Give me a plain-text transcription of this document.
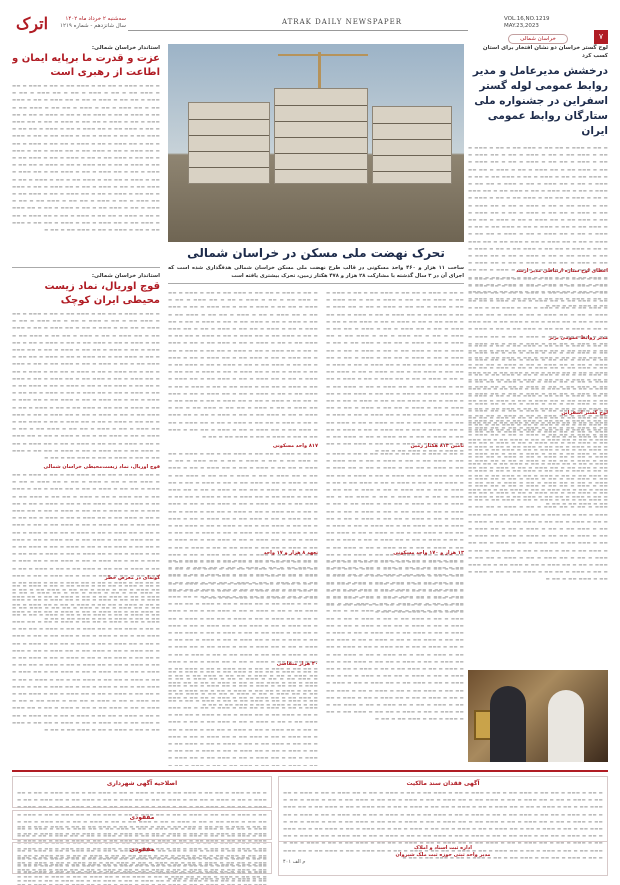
اترک	سه‌شنبه ۲ خرداد ماه ۱۴۰۲
سال شانزدهم - شماره ۱۲۱۹	ATRAK DAILY NEWSPAPER	VOL.16,NO.1219
MAY.23,2023
خراسان شمالی	۷
لوح گستر خراسان دو نشان افتخار برای استان کسب کرد
درخشش مدیرعامل و مدیر روابط عمومی لوله گستر اسفراین در جشنواره ملی ستارگان روابط عمومی ایران
▬ ▬▬ ▬ ▬▬▬ ▬ ▬▬ ▬▬ ▬ ▬▬▬ ▬▬ ▬ ▬▬ ▬ ▬▬▬ ▬ ▬▬ ▬ ▬▬▬ ▬▬ ▬ ▬▬ ▬ ▬▬▬ ▬ ▬▬ ▬ ▬▬ ▬▬▬ ▬ ▬▬ ▬ ▬▬▬ ▬ ▬▬ ▬▬ ▬ ▬▬▬ ▬ ▬▬ ▬ ▬▬ ▬▬▬ ▬ ▬▬ ▬ ▬▬▬ ▬▬ ▬ ▬▬ ▬▬▬ ▬ ▬▬ ▬ ▬▬▬ ▬ ▬▬ ▬▬ ▬ ▬▬▬ ▬▬ ▬ ▬▬ ▬ ▬▬▬ ▬ ▬▬ ▬ ▬▬▬ ▬▬ ▬ ▬▬ ▬ ▬▬▬ ▬ ▬▬ ▬ ▬▬ ▬▬▬ ▬ ▬▬ ▬ ▬▬▬ ▬ ▬▬ ▬▬ ▬ ▬▬▬ ▬ ▬▬ ▬ ▬▬ ▬▬▬ ▬ ▬▬ ▬ ▬▬▬ ▬▬ ▬ ▬▬ ▬▬▬ ▬ ▬▬ ▬ ▬▬▬ ▬ ▬▬ ▬▬ ▬ ▬▬▬ ▬▬ ▬ ▬▬ ▬ ▬▬▬ ▬ ▬▬ ▬ ▬▬▬ ▬▬ ▬ ▬▬ ▬ ▬▬▬ ▬ ▬▬ ▬ ▬▬ ▬▬▬ ▬ ▬▬ ▬ ▬▬▬ ▬ ▬▬ ▬▬ ▬ ▬▬▬ ▬ ▬▬ ▬ ▬▬ ▬▬▬ ▬ ▬▬ ▬ ▬▬▬ ▬▬ ▬ ▬▬ ▬▬▬ ▬ ▬▬ ▬ ▬▬▬ ▬ ▬▬ ▬▬ ▬ ▬▬▬ ▬▬ ▬ ▬▬ ▬ ▬▬▬ ▬ ▬▬ ▬ ▬▬▬ ▬▬ ▬ ▬▬ ▬ ▬▬▬ ▬ ▬▬ ▬ ▬▬ ▬▬▬ ▬ ▬▬ ▬ ▬▬▬ ▬ ▬▬ ▬▬ ▬ ▬▬▬ ▬ ▬▬ ▬ ▬▬ ▬▬▬ ▬ ▬▬ ▬ ▬▬▬ ▬▬ ▬ ▬▬ ▬▬▬ ▬ ▬▬ ▬ ▬▬▬ ▬ ▬▬ ▬▬ ▬ ▬▬▬ ▬▬ ▬ ▬▬ ▬ ▬▬▬ ▬ ▬▬ ▬ ▬▬▬ ▬▬ ▬ ▬▬ ▬ ▬▬▬ ▬ ▬▬ ▬ ▬▬ ▬▬▬ ▬ ▬▬ ▬ ▬▬▬ ▬ ▬▬ ▬▬ ▬ ▬▬▬ ▬ ▬▬ ▬ ▬▬ ▬▬▬ ▬ ▬▬ ▬ ▬▬▬ ▬▬ ▬ ▬▬ ▬▬▬ ▬ ▬▬ ▬ ▬▬▬ ▬ ▬▬ ▬▬ ▬ ▬▬▬ ▬▬ ▬ ▬▬ ▬ ▬▬▬ ▬ ▬▬ ▬ ▬▬▬ ▬▬ ▬ ▬▬ ▬ ▬▬▬ ▬ ▬▬ ▬ ▬▬ ▬▬▬ ▬ ▬▬ ▬ ▬▬▬ ▬ ▬▬ ▬▬ ▬ ▬▬▬ ▬ ▬▬ ▬ ▬▬ ▬▬▬ ▬ ▬▬ ▬ ▬▬▬ ▬▬ ▬ ▬▬ ▬▬▬ ▬ ▬▬ ▬ ▬▬▬ ▬ ▬▬ ▬▬ ▬ ▬▬▬ ▬▬ ▬ ▬▬ ▬ ▬▬▬ ▬ ▬▬ ▬ ▬▬▬ ▬▬ ▬ ▬▬ ▬
اعطای لوح ستاره ارتباطی مدیر ارشد
▬ ▬▬ ▬ ▬▬▬ ▬ ▬▬ ▬▬ ▬ ▬▬▬ ▬▬ ▬ ▬▬ ▬ ▬▬▬ ▬ ▬▬ ▬ ▬▬▬ ▬▬ ▬ ▬▬ ▬ ▬▬▬ ▬ ▬▬ ▬ ▬▬ ▬▬▬ ▬ ▬▬ ▬ ▬▬▬ ▬ ▬▬ ▬▬ ▬ ▬▬▬ ▬ ▬▬ ▬ ▬▬ ▬▬▬ ▬ ▬▬ ▬ ▬▬▬ ▬▬ ▬ ▬▬ ▬▬▬ ▬ ▬▬ ▬ ▬▬▬ ▬ ▬▬ ▬▬ ▬ ▬▬▬ ▬▬ ▬ ▬▬ ▬ ▬▬▬ ▬ ▬▬ ▬ ▬▬▬ ▬▬ ▬ ▬▬ ▬ ▬▬▬ ▬ ▬▬ ▬ ▬▬ ▬▬▬ ▬ ▬▬ ▬ ▬▬▬ ▬ ▬▬ ▬▬ ▬ ▬▬▬ ▬ ▬▬ ▬ ▬▬ ▬▬▬ ▬ ▬▬ ▬ ▬▬▬ ▬▬ ▬ ▬▬ ▬▬▬ ▬ ▬▬ ▬ ▬▬▬ ▬ ▬▬ ▬▬ ▬ ▬▬▬ ▬▬ ▬ ▬▬ ▬ ▬▬▬ ▬ ▬▬ ▬ ▬▬▬ ▬▬ ▬ ▬▬ ▬ ▬▬▬ ▬ ▬▬ ▬ ▬▬ ▬▬▬ ▬ ▬▬ ▬ ▬▬▬ ▬ ▬▬ ▬▬ ▬ ▬▬▬ ▬ ▬▬ ▬ ▬▬ ▬▬▬ ▬ ▬▬ ▬ ▬▬▬ ▬▬ ▬ ▬▬ ▬▬▬ ▬ ▬▬ ▬ ▬▬▬ ▬ ▬▬ ▬▬ ▬ ▬▬▬ ▬▬ ▬ ▬▬ ▬ ▬▬▬ ▬ ▬▬ ▬ ▬▬▬ ▬▬ ▬ ▬▬ ▬ ▬▬▬ ▬ ▬▬ ▬ ▬▬ ▬▬▬ ▬ ▬▬ ▬ ▬▬▬ ▬ ▬▬ ▬▬ ▬ ▬▬▬ ▬ ▬▬ ▬ ▬▬ ▬▬▬ ▬ ▬▬ ▬ ▬▬▬ ▬▬ ▬ ▬▬ ▬▬▬ ▬ ▬▬ ▬ ▬▬▬ ▬ ▬▬ ▬▬ ▬ ▬▬▬ ▬▬ ▬ ▬▬ ▬ ▬▬▬ ▬ ▬▬ ▬ ▬▬▬ ▬▬ ▬ ▬▬ ▬ ▬▬▬ ▬ ▬▬ ▬ ▬▬ ▬▬▬ ▬ ▬▬ ▬ ▬▬▬ ▬ ▬▬ ▬▬ ▬ ▬▬▬ ▬ ▬▬ ▬ ▬▬ ▬▬▬ ▬ ▬▬ ▬ ▬▬▬ ▬▬ ▬ ▬▬ ▬▬▬ ▬ ▬▬ ▬ ▬▬▬ ▬ ▬▬ ▬▬ ▬ ▬▬▬ ▬▬ ▬ ▬▬ ▬ ▬▬▬ ▬ ▬▬ ▬ ▬▬▬ ▬▬ ▬ ▬▬ ▬ ▬▬▬ ▬ ▬▬ ▬ ▬▬ ▬▬▬ ▬ ▬▬ ▬ ▬▬▬ ▬ ▬▬ ▬▬ ▬ ▬▬▬ ▬ ▬▬ ▬ ▬▬ ▬▬▬ ▬ ▬▬ ▬ ▬▬▬ ▬▬ ▬ ▬▬ ▬▬▬ ▬ ▬▬ ▬ ▬▬▬ ▬ ▬▬ ▬▬ ▬ ▬▬▬ ▬▬ ▬ ▬▬ ▬ ▬▬▬ ▬ ▬▬ ▬ ▬▬▬ ▬▬ ▬ ▬▬ ▬
مدیر روابط عمومی برتر
▬ ▬▬ ▬ ▬▬▬ ▬ ▬▬ ▬▬ ▬ ▬▬▬ ▬▬ ▬ ▬▬ ▬ ▬▬▬ ▬ ▬▬ ▬ ▬▬▬ ▬▬ ▬ ▬▬ ▬ ▬▬▬ ▬ ▬▬ ▬ ▬▬ ▬▬▬ ▬ ▬▬ ▬ ▬▬▬ ▬ ▬▬ ▬▬ ▬ ▬▬▬ ▬ ▬▬ ▬ ▬▬ ▬▬▬ ▬ ▬▬ ▬ ▬▬▬ ▬▬ ▬ ▬▬ ▬▬▬ ▬ ▬▬ ▬ ▬▬▬ ▬ ▬▬ ▬▬ ▬ ▬▬▬ ▬▬ ▬ ▬▬ ▬ ▬▬▬ ▬ ▬▬ ▬ ▬▬▬ ▬▬ ▬ ▬▬ ▬ ▬▬▬ ▬ ▬▬ ▬ ▬▬ ▬▬▬ ▬ ▬▬ ▬ ▬▬▬ ▬ ▬▬ ▬▬ ▬ ▬▬▬ ▬ ▬▬ ▬ ▬▬ ▬▬▬ ▬ ▬▬ ▬ ▬▬▬ ▬▬ ▬ ▬▬ ▬▬▬ ▬ ▬▬ ▬ ▬▬▬ ▬ ▬▬ ▬▬ ▬ ▬▬▬ ▬▬ ▬ ▬▬ ▬ ▬▬▬ ▬ ▬▬ ▬ ▬▬▬ ▬▬ ▬ ▬▬ ▬ ▬▬▬ ▬ ▬▬ ▬ ▬▬ ▬▬▬ ▬ ▬▬ ▬ ▬▬▬ ▬ ▬▬ ▬▬ ▬ ▬▬▬ ▬ ▬▬ ▬ ▬▬ ▬▬▬ ▬ ▬▬ ▬ ▬▬▬ ▬▬ ▬ ▬▬ ▬▬▬ ▬ ▬▬ ▬ ▬▬▬ ▬ ▬▬ ▬▬ ▬ ▬▬▬ ▬▬ ▬ ▬▬ ▬ ▬▬▬ ▬ ▬▬ ▬ ▬▬▬ ▬▬ ▬ ▬▬ ▬ ▬▬▬ ▬ ▬▬ ▬ ▬▬ ▬▬▬ ▬ ▬▬ ▬ ▬▬▬ ▬ ▬▬ ▬▬ ▬ ▬▬▬ ▬ ▬▬ ▬ ▬▬ ▬▬▬ ▬ ▬▬ ▬ ▬▬▬ ▬▬ ▬ ▬▬ ▬▬▬ ▬ ▬▬ ▬ ▬▬▬ ▬ ▬▬ ▬▬ ▬ ▬▬▬ ▬▬ ▬ ▬▬ ▬ ▬▬▬ ▬ ▬▬ ▬ ▬▬▬ ▬▬ ▬ ▬▬ ▬ ▬▬▬ ▬ ▬▬ ▬ ▬▬ ▬▬▬ ▬ ▬▬ ▬ ▬▬▬ ▬ ▬▬ ▬▬ ▬ ▬▬▬ ▬ ▬▬ ▬ ▬▬ ▬▬▬ ▬ ▬▬ ▬ ▬▬▬ ▬▬ ▬ ▬▬ ▬▬▬ ▬ ▬▬ ▬ ▬▬▬ ▬ ▬▬ ▬▬ ▬ ▬▬▬ ▬▬ ▬ ▬▬ ▬ ▬▬▬ ▬ ▬▬ ▬ ▬▬▬ ▬▬ ▬ ▬▬ ▬ ▬▬▬ ▬ ▬▬ ▬ ▬▬ ▬▬▬ ▬ ▬▬ ▬ ▬▬▬ ▬ ▬▬ ▬▬ ▬ ▬▬▬ ▬ ▬▬ ▬ ▬▬ ▬▬▬ ▬ ▬▬ ▬ ▬▬▬ ▬▬ ▬ ▬▬ ▬▬▬ ▬ ▬▬ ▬ ▬▬▬ ▬ ▬▬ ▬▬ ▬ ▬▬▬ ▬▬ ▬ ▬▬ ▬ ▬▬▬ ▬ ▬▬ ▬ ▬▬▬ ▬▬ ▬ ▬▬ ▬
لوح گستر اسفراین
▬ ▬▬ ▬ ▬▬▬ ▬ ▬▬ ▬▬ ▬ ▬▬▬ ▬▬ ▬ ▬▬ ▬ ▬▬▬ ▬ ▬▬ ▬ ▬▬▬ ▬▬ ▬ ▬▬ ▬ ▬▬▬ ▬ ▬▬ ▬ ▬▬ ▬▬▬ ▬ ▬▬ ▬ ▬▬▬ ▬ ▬▬ ▬▬ ▬ ▬▬▬ ▬ ▬▬ ▬ ▬▬ ▬▬▬ ▬ ▬▬ ▬ ▬▬▬ ▬▬ ▬ ▬▬ ▬▬▬ ▬ ▬▬ ▬ ▬▬▬ ▬ ▬▬ ▬▬ ▬ ▬▬▬ ▬▬ ▬ ▬▬ ▬ ▬▬▬ ▬ ▬▬ ▬ ▬▬▬ ▬▬ ▬ ▬▬ ▬ ▬▬▬ ▬ ▬▬ ▬ ▬▬ ▬▬▬ ▬ ▬▬ ▬ ▬▬▬ ▬ ▬▬ ▬▬ ▬ ▬▬▬ ▬ ▬▬ ▬ ▬▬ ▬▬▬ ▬ ▬▬ ▬ ▬▬▬ ▬▬ ▬ ▬▬ ▬▬▬ ▬ ▬▬ ▬ ▬▬▬ ▬ ▬▬ ▬▬ ▬ ▬▬▬ ▬▬ ▬ ▬▬ ▬ ▬▬▬ ▬ ▬▬ ▬ ▬▬▬ ▬▬ ▬ ▬▬ ▬ ▬▬▬ ▬ ▬▬ ▬ ▬▬ ▬▬▬ ▬ ▬▬ ▬ ▬▬▬ ▬ ▬▬ ▬▬ ▬ ▬▬▬ ▬ ▬▬ ▬ ▬▬ ▬▬▬ ▬ ▬▬ ▬ ▬▬▬ ▬▬ ▬ ▬▬ ▬▬▬ ▬ ▬▬ ▬ ▬▬▬ ▬ ▬▬ ▬▬ ▬ ▬▬▬ ▬▬ ▬ ▬▬ ▬ ▬▬▬ ▬ ▬▬ ▬ ▬▬▬ ▬▬ ▬ ▬▬ ▬ ▬▬▬ ▬ ▬▬ ▬ ▬▬ ▬▬▬ ▬ ▬▬ ▬ ▬▬▬ ▬ ▬▬ ▬▬ ▬ ▬▬▬ ▬ ▬▬ ▬ ▬▬ ▬▬▬ ▬ ▬▬ ▬ ▬▬▬ ▬▬ ▬ ▬▬ ▬▬▬ ▬ ▬▬ ▬ ▬▬▬ ▬ ▬▬ ▬▬ ▬ ▬▬▬ ▬▬ ▬ ▬▬ ▬ ▬▬▬ ▬ ▬▬ ▬ ▬▬▬ ▬▬ ▬ ▬▬ ▬ ▬▬▬ ▬ ▬▬ ▬ ▬▬ ▬▬▬ ▬ ▬▬ ▬ ▬▬▬ ▬ ▬▬ ▬▬ ▬ ▬▬▬ ▬ ▬▬ ▬ ▬▬ ▬▬▬ ▬ ▬▬ ▬ ▬▬▬ ▬▬ ▬ ▬▬ ▬▬▬ ▬ ▬▬ ▬ ▬▬▬ ▬ ▬▬ ▬▬ ▬ ▬▬▬ ▬▬ ▬ ▬▬ ▬ ▬▬▬ ▬ ▬▬ ▬ ▬▬▬ ▬▬ ▬ ▬▬ ▬ ▬▬▬ ▬ ▬▬ ▬ ▬▬ ▬▬▬ ▬ ▬▬ ▬ ▬▬▬ ▬ ▬▬ ▬▬ ▬ ▬▬▬ ▬ ▬▬ ▬ ▬▬ ▬▬▬ ▬ ▬▬ ▬ ▬▬▬ ▬▬ ▬ ▬▬ ▬▬▬ ▬ ▬▬ ▬ ▬▬▬ ▬ ▬▬ ▬▬ ▬ ▬▬▬ ▬▬ ▬ ▬▬ ▬ ▬▬▬ ▬ ▬▬ ▬ ▬▬▬ ▬▬ ▬ ▬▬ ▬
تحرک نهضت ملی مسکن در خراسان شمالی
ساخت ۱۱ هزار و ۴۶۰ واحد مسکونی در قالب طرح نهضت ملی مسکن خراسان شمالی هدفگذاری شده است که اجرای آن در ۳ سال گذشته با مشارکت ۲۸ هزار و ۴۷۸ هکتار زمین، تحرک بیشتری یافته است
▬ ▬▬ ▬ ▬▬▬ ▬ ▬▬ ▬▬ ▬ ▬▬▬ ▬▬ ▬ ▬▬ ▬ ▬▬▬ ▬ ▬▬ ▬ ▬▬▬ ▬▬ ▬ ▬▬ ▬ ▬▬▬ ▬ ▬▬ ▬ ▬▬ ▬▬▬ ▬ ▬▬ ▬ ▬▬▬ ▬ ▬▬ ▬▬ ▬ ▬▬▬ ▬ ▬▬ ▬ ▬▬ ▬▬▬ ▬ ▬▬ ▬ ▬▬▬ ▬▬ ▬ ▬▬ ▬▬▬ ▬ ▬▬ ▬ ▬▬▬ ▬ ▬▬ ▬▬ ▬ ▬▬▬ ▬▬ ▬ ▬▬ ▬ ▬▬▬ ▬ ▬▬ ▬ ▬▬▬ ▬▬ ▬ ▬▬ ▬ ▬▬▬ ▬ ▬▬ ▬ ▬▬ ▬▬▬ ▬ ▬▬ ▬ ▬▬▬ ▬ ▬▬ ▬▬ ▬ ▬▬▬ ▬ ▬▬ ▬ ▬▬ ▬▬▬ ▬ ▬▬ ▬ ▬▬▬ ▬▬ ▬ ▬▬ ▬▬▬ ▬ ▬▬ ▬ ▬▬▬ ▬ ▬▬ ▬▬ ▬ ▬▬▬ ▬▬ ▬ ▬▬ ▬ ▬▬▬ ▬ ▬▬ ▬ ▬▬▬ ▬▬ ▬ ▬▬ ▬ ▬▬▬ ▬ ▬▬ ▬ ▬▬ ▬▬▬ ▬ ▬▬ ▬ ▬▬▬ ▬ ▬▬ ▬▬ ▬ ▬▬▬ ▬ ▬▬ ▬ ▬▬ ▬▬▬ ▬ ▬▬ ▬ ▬▬▬ ▬▬ ▬ ▬▬ ▬▬▬ ▬ ▬▬ ▬ ▬▬▬ ▬ ▬▬ ▬▬ ▬ ▬▬▬ ▬▬ ▬ ▬▬ ▬ ▬▬▬ ▬ ▬▬ ▬ ▬▬▬ ▬▬ ▬ ▬▬ ▬ ▬▬▬ ▬ ▬▬ ▬ ▬▬ ▬▬▬ ▬ ▬▬ ▬ ▬▬▬ ▬ ▬▬ ▬▬ ▬ ▬▬▬ ▬ ▬▬ ▬ ▬▬ ▬▬▬ ▬ ▬▬ ▬ ▬▬▬ ▬▬ ▬ ▬▬ ▬▬▬ ▬ ▬▬ ▬ ▬▬▬ ▬ ▬▬ ▬▬ ▬ ▬▬▬ ▬▬ ▬ ▬▬ ▬ ▬▬▬ ▬ ▬▬ ▬ ▬▬▬ ▬▬ ▬ ▬▬ ▬ ▬▬▬ ▬ ▬▬ ▬ ▬▬ ▬▬▬ ▬ ▬▬ ▬ ▬▬▬ ▬ ▬▬ ▬▬ ▬ ▬▬▬ ▬ ▬▬ ▬ ▬▬ ▬▬▬ ▬ ▬▬ ▬ ▬▬▬ ▬▬ ▬ ▬▬ ▬▬▬ ▬ ▬▬ ▬ ▬▬▬ ▬ ▬▬ ▬▬ ▬ ▬▬▬ ▬▬ ▬ ▬▬ ▬ ▬▬▬ ▬ ▬▬ ▬ ▬▬▬ ▬▬ ▬ ▬▬ ▬ ▬▬▬ ▬ ▬▬ ▬ ▬▬ ▬▬▬ ▬ ▬▬ ▬ ▬▬▬ ▬ ▬▬ ▬▬ ▬ ▬▬▬ ▬ ▬▬ ▬ ▬▬ ▬▬▬ ▬ ▬▬ ▬ ▬▬▬ ▬▬ ▬ ▬▬ ▬▬▬ ▬ ▬▬ ▬ ▬▬▬ ▬ ▬▬ ▬▬ ▬ ▬▬▬ ▬▬ ▬ ▬▬ ▬ ▬▬▬ ▬ ▬▬ ▬ ▬▬▬ ▬▬ ▬ ▬▬ ▬
تامین ۸۱۳ هکتار زمین
▬ ▬▬ ▬ ▬▬▬ ▬ ▬▬ ▬▬ ▬ ▬▬▬ ▬▬ ▬ ▬▬ ▬ ▬▬▬ ▬ ▬▬ ▬ ▬▬▬ ▬▬ ▬ ▬▬ ▬ ▬▬▬ ▬ ▬▬ ▬ ▬▬ ▬▬▬ ▬ ▬▬ ▬ ▬▬▬ ▬ ▬▬ ▬▬ ▬ ▬▬▬ ▬ ▬▬ ▬ ▬▬ ▬▬▬ ▬ ▬▬ ▬ ▬▬▬ ▬▬ ▬ ▬▬ ▬▬▬ ▬ ▬▬ ▬ ▬▬▬ ▬ ▬▬ ▬▬ ▬ ▬▬▬ ▬▬ ▬ ▬▬ ▬ ▬▬▬ ▬ ▬▬ ▬ ▬▬▬ ▬▬ ▬ ▬▬ ▬ ▬▬▬ ▬ ▬▬ ▬ ▬▬ ▬▬▬ ▬ ▬▬ ▬ ▬▬▬ ▬ ▬▬ ▬▬ ▬ ▬▬▬ ▬ ▬▬ ▬ ▬▬ ▬▬▬ ▬ ▬▬ ▬ ▬▬▬ ▬▬ ▬ ▬▬ ▬▬▬ ▬ ▬▬ ▬ ▬▬▬ ▬ ▬▬ ▬▬ ▬ ▬▬▬ ▬▬ ▬ ▬▬ ▬ ▬▬▬ ▬ ▬▬ ▬ ▬▬▬ ▬▬ ▬ ▬▬ ▬ ▬▬▬ ▬ ▬▬ ▬ ▬▬ ▬▬▬ ▬ ▬▬ ▬ ▬▬▬ ▬ ▬▬ ▬▬ ▬ ▬▬▬ ▬ ▬▬ ▬ ▬▬ ▬▬▬ ▬ ▬▬ ▬ ▬▬▬ ▬▬ ▬ ▬▬ ▬▬▬ ▬ ▬▬ ▬ ▬▬▬ ▬ ▬▬ ▬▬ ▬ ▬▬▬ ▬▬ ▬ ▬▬ ▬ ▬▬▬ ▬ ▬▬ ▬ ▬▬▬ ▬▬ ▬ ▬▬ ▬ ▬▬▬ ▬ ▬▬ ▬ ▬▬ ▬▬▬ ▬ ▬▬ ▬ ▬▬▬ ▬ ▬▬ ▬▬ ▬ ▬▬▬ ▬ ▬▬ ▬ ▬▬ ▬▬▬ ▬ ▬▬ ▬ ▬▬▬ ▬▬ ▬ ▬▬ ▬▬▬ ▬ ▬▬ ▬ ▬▬▬ ▬ ▬▬ ▬▬ ▬ ▬▬▬ ▬▬ ▬ ▬▬ ▬ ▬▬▬ ▬ ▬▬ ▬ ▬▬▬ ▬▬ ▬ ▬▬ ▬ ▬▬▬ ▬ ▬▬ ▬ ▬▬ ▬▬▬ ▬ ▬▬ ▬ ▬▬▬ ▬ ▬▬ ▬▬ ▬ ▬▬▬ ▬ ▬▬ ▬ ▬▬ ▬▬▬ ▬ ▬▬ ▬ ▬▬▬ ▬▬ ▬ ▬▬ ▬▬▬ ▬ ▬▬ ▬ ▬▬▬ ▬ ▬▬ ▬▬ ▬ ▬▬▬ ▬▬ ▬ ▬▬ ▬ ▬▬▬ ▬ ▬▬ ▬ ▬▬▬ ▬▬ ▬ ▬▬ ▬ ▬▬▬ ▬ ▬▬ ▬ ▬▬ ▬▬▬ ▬ ▬▬ ▬ ▬▬▬ ▬ ▬▬ ▬▬ ▬ ▬▬▬ ▬ ▬▬ ▬ ▬▬ ▬▬▬ ▬ ▬▬ ▬ ▬▬▬ ▬▬ ▬ ▬▬ ▬▬▬ ▬ ▬▬ ▬ ▬▬▬ ▬ ▬▬ ▬▬ ▬ ▬▬▬ ▬▬ ▬ ▬▬ ▬ ▬▬▬ ▬ ▬▬ ▬ ▬▬▬ ▬▬ ▬ ▬▬ ▬
۱۳ هزار و ۱۷۰ واحد مسکونی
▬ ▬▬ ▬ ▬▬▬ ▬ ▬▬ ▬▬ ▬ ▬▬▬ ▬▬ ▬ ▬▬ ▬ ▬▬▬ ▬ ▬▬ ▬ ▬▬▬ ▬▬ ▬ ▬▬ ▬ ▬▬▬ ▬ ▬▬ ▬ ▬▬ ▬▬▬ ▬ ▬▬ ▬ ▬▬▬ ▬ ▬▬ ▬▬ ▬ ▬▬▬ ▬ ▬▬ ▬ ▬▬ ▬▬▬ ▬ ▬▬ ▬ ▬▬▬ ▬▬ ▬ ▬▬ ▬▬▬ ▬ ▬▬ ▬ ▬▬▬ ▬ ▬▬ ▬▬ ▬ ▬▬▬ ▬▬ ▬ ▬▬ ▬ ▬▬▬ ▬ ▬▬ ▬ ▬▬▬ ▬▬ ▬ ▬▬ ▬ ▬▬▬ ▬ ▬▬ ▬ ▬▬ ▬▬▬ ▬ ▬▬ ▬ ▬▬▬ ▬ ▬▬ ▬▬ ▬ ▬▬▬ ▬ ▬▬ ▬ ▬▬ ▬▬▬ ▬ ▬▬ ▬ ▬▬▬ ▬▬ ▬ ▬▬ ▬▬▬ ▬ ▬▬ ▬ ▬▬▬ ▬ ▬▬ ▬▬ ▬ ▬▬▬ ▬▬ ▬ ▬▬ ▬ ▬▬▬ ▬ ▬▬ ▬ ▬▬▬ ▬▬ ▬ ▬▬ ▬ ▬▬▬ ▬ ▬▬ ▬ ▬▬ ▬▬▬ ▬ ▬▬ ▬ ▬▬▬ ▬ ▬▬ ▬▬ ▬ ▬▬▬ ▬ ▬▬ ▬ ▬▬ ▬▬▬ ▬ ▬▬ ▬ ▬▬▬ ▬▬ ▬ ▬▬ ▬▬▬ ▬ ▬▬ ▬ ▬▬▬ ▬ ▬▬ ▬▬ ▬ ▬▬▬ ▬▬ ▬ ▬▬ ▬ ▬▬▬ ▬ ▬▬ ▬ ▬▬▬ ▬▬ ▬ ▬▬ ▬ ▬▬▬ ▬ ▬▬ ▬ ▬▬ ▬▬▬ ▬ ▬▬ ▬ ▬▬▬ ▬ ▬▬ ▬▬ ▬ ▬▬▬ ▬ ▬▬ ▬ ▬▬ ▬▬▬ ▬ ▬▬ ▬ ▬▬▬ ▬▬ ▬ ▬▬ ▬▬▬ ▬ ▬▬ ▬ ▬▬▬ ▬ ▬▬ ▬▬ ▬ ▬▬▬ ▬▬ ▬ ▬▬ ▬ ▬▬▬ ▬ ▬▬ ▬ ▬▬▬ ▬▬ ▬ ▬▬ ▬ ▬▬▬ ▬ ▬▬ ▬ ▬▬ ▬▬▬ ▬ ▬▬ ▬ ▬▬▬ ▬ ▬▬ ▬▬ ▬ ▬▬▬ ▬ ▬▬ ▬ ▬▬ ▬▬▬ ▬ ▬▬ ▬ ▬▬▬ ▬▬ ▬ ▬▬ ▬▬▬ ▬ ▬▬ ▬ ▬▬▬ ▬ ▬▬ ▬▬ ▬ ▬▬▬ ▬▬ ▬ ▬▬ ▬ ▬▬▬ ▬ ▬▬ ▬ ▬▬▬ ▬▬ ▬ ▬▬ ▬ ▬▬▬ ▬ ▬▬ ▬ ▬▬ ▬▬▬ ▬ ▬▬ ▬ ▬▬▬ ▬ ▬▬ ▬▬ ▬ ▬▬▬ ▬ ▬▬ ▬ ▬▬ ▬▬▬ ▬ ▬▬ ▬ ▬▬▬ ▬▬ ▬ ▬▬ ▬▬▬ ▬ ▬▬ ▬ ▬▬▬ ▬ ▬▬ ▬▬ ▬ ▬▬▬ ▬▬ ▬ ▬▬ ▬ ▬▬▬ ▬ ▬▬ ▬ ▬▬▬ ▬▬ ▬ ▬▬ ▬
▬ ▬▬ ▬ ▬▬▬ ▬ ▬▬ ▬▬ ▬ ▬▬▬ ▬▬ ▬ ▬▬ ▬ ▬▬▬ ▬ ▬▬ ▬ ▬▬▬ ▬▬ ▬ ▬▬ ▬ ▬▬▬ ▬ ▬▬ ▬ ▬▬ ▬▬▬ ▬ ▬▬ ▬ ▬▬▬ ▬ ▬▬ ▬▬ ▬ ▬▬▬ ▬ ▬▬ ▬ ▬▬ ▬▬▬ ▬ ▬▬ ▬ ▬▬▬ ▬▬ ▬ ▬▬ ▬▬▬ ▬ ▬▬ ▬ ▬▬▬ ▬ ▬▬ ▬▬ ▬ ▬▬▬ ▬▬ ▬ ▬▬ ▬ ▬▬▬ ▬ ▬▬ ▬ ▬▬▬ ▬▬ ▬ ▬▬ ▬ ▬▬▬ ▬ ▬▬ ▬ ▬▬ ▬▬▬ ▬ ▬▬ ▬ ▬▬▬ ▬ ▬▬ ▬▬ ▬ ▬▬▬ ▬ ▬▬ ▬ ▬▬ ▬▬▬ ▬ ▬▬ ▬ ▬▬▬ ▬▬ ▬ ▬▬ ▬▬▬ ▬ ▬▬ ▬ ▬▬▬ ▬ ▬▬ ▬▬ ▬ ▬▬▬ ▬▬ ▬ ▬▬ ▬ ▬▬▬ ▬ ▬▬ ▬ ▬▬▬ ▬▬ ▬ ▬▬ ▬ ▬▬▬ ▬ ▬▬ ▬ ▬▬ ▬▬▬ ▬ ▬▬ ▬ ▬▬▬ ▬ ▬▬ ▬▬ ▬ ▬▬▬ ▬ ▬▬ ▬ ▬▬ ▬▬▬ ▬ ▬▬ ▬ ▬▬▬ ▬▬ ▬ ▬▬ ▬▬▬ ▬ ▬▬ ▬ ▬▬▬ ▬ ▬▬ ▬▬ ▬ ▬▬▬ ▬▬ ▬ ▬▬ ▬ ▬▬▬ ▬ ▬▬ ▬ ▬▬▬ ▬▬ ▬ ▬▬ ▬ ▬▬▬ ▬ ▬▬ ▬ ▬▬ ▬▬▬ ▬ ▬▬ ▬ ▬▬▬ ▬ ▬▬ ▬▬ ▬ ▬▬▬ ▬ ▬▬ ▬ ▬▬ ▬▬▬ ▬ ▬▬ ▬ ▬▬▬ ▬▬ ▬ ▬▬ ▬▬▬ ▬ ▬▬ ▬ ▬▬▬ ▬ ▬▬ ▬▬ ▬ ▬▬▬ ▬▬ ▬ ▬▬ ▬ ▬▬▬ ▬ ▬▬ ▬ ▬▬▬ ▬▬ ▬ ▬▬ ▬ ▬▬▬ ▬ ▬▬ ▬ ▬▬ ▬▬▬ ▬ ▬▬ ▬ ▬▬▬ ▬ ▬▬ ▬▬ ▬ ▬▬▬ ▬ ▬▬ ▬ ▬▬ ▬▬▬ ▬ ▬▬ ▬ ▬▬▬ ▬▬ ▬ ▬▬ ▬▬▬ ▬ ▬▬ ▬ ▬▬▬ ▬ ▬▬ ▬▬ ▬ ▬▬▬ ▬▬ ▬ ▬▬ ▬ ▬▬▬ ▬ ▬▬ ▬ ▬▬▬ ▬▬ ▬ ▬▬ ▬ ▬▬▬ ▬ ▬▬ ▬ ▬▬ ▬▬▬ ▬ ▬▬ ▬ ▬▬▬ ▬ ▬▬ ▬▬ ▬ ▬▬▬ ▬ ▬▬ ▬ ▬▬ ▬▬▬ ▬ ▬▬ ▬ ▬▬▬ ▬▬ ▬ ▬▬ ▬▬▬ ▬ ▬▬ ▬ ▬▬▬ ▬ ▬▬ ▬▬ ▬ ▬▬▬ ▬▬ ▬ ▬▬ ▬ ▬▬▬ ▬ ▬▬ ▬ ▬▬▬ ▬▬ ▬ ▬▬ ▬
۸۱۷ واحد مسکونی
▬ ▬▬ ▬ ▬▬▬ ▬ ▬▬ ▬▬ ▬ ▬▬▬ ▬▬ ▬ ▬▬ ▬ ▬▬▬ ▬ ▬▬ ▬ ▬▬▬ ▬▬ ▬ ▬▬ ▬ ▬▬▬ ▬ ▬▬ ▬ ▬▬ ▬▬▬ ▬ ▬▬ ▬ ▬▬▬ ▬ ▬▬ ▬▬ ▬ ▬▬▬ ▬ ▬▬ ▬ ▬▬ ▬▬▬ ▬ ▬▬ ▬ ▬▬▬ ▬▬ ▬ ▬▬ ▬▬▬ ▬ ▬▬ ▬ ▬▬▬ ▬ ▬▬ ▬▬ ▬ ▬▬▬ ▬▬ ▬ ▬▬ ▬ ▬▬▬ ▬ ▬▬ ▬ ▬▬▬ ▬▬ ▬ ▬▬ ▬ ▬▬▬ ▬ ▬▬ ▬ ▬▬ ▬▬▬ ▬ ▬▬ ▬ ▬▬▬ ▬ ▬▬ ▬▬ ▬ ▬▬▬ ▬ ▬▬ ▬ ▬▬ ▬▬▬ ▬ ▬▬ ▬ ▬▬▬ ▬▬ ▬ ▬▬ ▬▬▬ ▬ ▬▬ ▬ ▬▬▬ ▬ ▬▬ ▬▬ ▬ ▬▬▬ ▬▬ ▬ ▬▬ ▬ ▬▬▬ ▬ ▬▬ ▬ ▬▬▬ ▬▬ ▬ ▬▬ ▬ ▬▬▬ ▬ ▬▬ ▬ ▬▬ ▬▬▬ ▬ ▬▬ ▬ ▬▬▬ ▬ ▬▬ ▬▬ ▬ ▬▬▬ ▬ ▬▬ ▬ ▬▬ ▬▬▬ ▬ ▬▬ ▬ ▬▬▬ ▬▬ ▬ ▬▬ ▬▬▬ ▬ ▬▬ ▬ ▬▬▬ ▬ ▬▬ ▬▬ ▬ ▬▬▬ ▬▬ ▬ ▬▬ ▬ ▬▬▬ ▬ ▬▬ ▬ ▬▬▬ ▬▬ ▬ ▬▬ ▬ ▬▬▬ ▬ ▬▬ ▬ ▬▬ ▬▬▬ ▬ ▬▬ ▬ ▬▬▬ ▬ ▬▬ ▬▬ ▬ ▬▬▬ ▬ ▬▬ ▬ ▬▬ ▬▬▬ ▬ ▬▬ ▬ ▬▬▬ ▬▬ ▬ ▬▬ ▬▬▬ ▬ ▬▬ ▬ ▬▬▬ ▬ ▬▬ ▬▬ ▬ ▬▬▬ ▬▬ ▬ ▬▬ ▬ ▬▬▬ ▬ ▬▬ ▬ ▬▬▬ ▬▬ ▬ ▬▬ ▬ ▬▬▬ ▬ ▬▬ ▬ ▬▬ ▬▬▬ ▬ ▬▬ ▬ ▬▬▬ ▬ ▬▬ ▬▬ ▬ ▬▬▬ ▬ ▬▬ ▬ ▬▬ ▬▬▬ ▬ ▬▬ ▬ ▬▬▬ ▬▬ ▬ ▬▬ ▬▬▬ ▬ ▬▬ ▬ ▬▬▬ ▬ ▬▬ ▬▬ ▬ ▬▬▬ ▬▬ ▬ ▬▬ ▬ ▬▬▬ ▬ ▬▬ ▬ ▬▬▬ ▬▬ ▬ ▬▬ ▬ ▬▬▬ ▬ ▬▬ ▬ ▬▬ ▬▬▬ ▬ ▬▬ ▬ ▬▬▬ ▬ ▬▬ ▬▬ ▬ ▬▬▬ ▬ ▬▬ ▬ ▬▬ ▬▬▬ ▬ ▬▬ ▬ ▬▬▬ ▬▬ ▬ ▬▬ ▬▬▬ ▬ ▬▬ ▬ ▬▬▬ ▬ ▬▬ ▬▬ ▬ ▬▬▬ ▬▬ ▬ ▬▬ ▬ ▬▬▬ ▬ ▬▬ ▬ ▬▬▬ ▬▬ ▬ ▬▬ ▬
تعهد ۸ هزار و ۱۷ واحد
▬ ▬▬ ▬ ▬▬▬ ▬ ▬▬ ▬▬ ▬ ▬▬▬ ▬▬ ▬ ▬▬ ▬ ▬▬▬ ▬ ▬▬ ▬ ▬▬▬ ▬▬ ▬ ▬▬ ▬ ▬▬▬ ▬ ▬▬ ▬ ▬▬ ▬▬▬ ▬ ▬▬ ▬ ▬▬▬ ▬ ▬▬ ▬▬ ▬ ▬▬▬ ▬ ▬▬ ▬ ▬▬ ▬▬▬ ▬ ▬▬ ▬ ▬▬▬ ▬▬ ▬ ▬▬ ▬▬▬ ▬ ▬▬ ▬ ▬▬▬ ▬ ▬▬ ▬▬ ▬ ▬▬▬ ▬▬ ▬ ▬▬ ▬ ▬▬▬ ▬ ▬▬ ▬ ▬▬▬ ▬▬ ▬ ▬▬ ▬ ▬▬▬ ▬ ▬▬ ▬ ▬▬ ▬▬▬ ▬ ▬▬ ▬ ▬▬▬ ▬ ▬▬ ▬▬ ▬ ▬▬▬ ▬ ▬▬ ▬ ▬▬ ▬▬▬ ▬ ▬▬ ▬ ▬▬▬ ▬▬ ▬ ▬▬ ▬▬▬ ▬ ▬▬ ▬ ▬▬▬ ▬ ▬▬ ▬▬ ▬ ▬▬▬ ▬▬ ▬ ▬▬ ▬ ▬▬▬ ▬ ▬▬ ▬ ▬▬▬ ▬▬ ▬ ▬▬ ▬ ▬▬▬ ▬ ▬▬ ▬ ▬▬ ▬▬▬ ▬ ▬▬ ▬ ▬▬▬ ▬ ▬▬ ▬▬ ▬ ▬▬▬ ▬ ▬▬ ▬ ▬▬ ▬▬▬ ▬ ▬▬ ▬ ▬▬▬ ▬▬ ▬ ▬▬ ▬▬▬ ▬ ▬▬ ▬ ▬▬▬ ▬ ▬▬ ▬▬ ▬ ▬▬▬ ▬▬ ▬ ▬▬ ▬ ▬▬▬ ▬ ▬▬ ▬ ▬▬▬ ▬▬ ▬ ▬▬ ▬ ▬▬▬ ▬ ▬▬ ▬ ▬▬ ▬▬▬ ▬ ▬▬ ▬ ▬▬▬ ▬ ▬▬ ▬▬ ▬ ▬▬▬ ▬ ▬▬ ▬ ▬▬ ▬▬▬ ▬ ▬▬ ▬ ▬▬▬ ▬▬ ▬ ▬▬ ▬▬▬ ▬ ▬▬ ▬ ▬▬▬ ▬ ▬▬ ▬▬ ▬ ▬▬▬ ▬▬ ▬ ▬▬ ▬ ▬▬▬ ▬ ▬▬ ▬ ▬▬▬ ▬▬ ▬ ▬▬ ▬ ▬▬▬ ▬ ▬▬ ▬ ▬▬ ▬▬▬ ▬ ▬▬ ▬ ▬▬▬ ▬ ▬▬ ▬▬ ▬ ▬▬▬ ▬ ▬▬ ▬ ▬▬ ▬▬▬ ▬ ▬▬ ▬ ▬▬▬ ▬▬ ▬ ▬▬ ▬▬▬ ▬ ▬▬ ▬ ▬▬▬ ▬ ▬▬ ▬▬ ▬ ▬▬▬ ▬▬ ▬ ▬▬ ▬ ▬▬▬ ▬ ▬▬ ▬ ▬▬▬ ▬▬ ▬ ▬▬ ▬ ▬▬▬ ▬ ▬▬ ▬ ▬▬ ▬▬▬ ▬ ▬▬ ▬ ▬▬▬ ▬ ▬▬ ▬▬ ▬ ▬▬▬ ▬ ▬▬ ▬ ▬▬ ▬▬▬ ▬ ▬▬ ▬ ▬▬▬ ▬▬ ▬ ▬▬ ▬▬▬ ▬ ▬▬ ▬ ▬▬▬ ▬ ▬▬ ▬▬ ▬ ▬▬▬ ▬▬ ▬ ▬▬ ▬ ▬▬▬ ▬ ▬▬ ▬ ▬▬▬ ▬▬ ▬ ▬▬ ▬
۴۰ هزار متقاضی
▬ ▬▬ ▬ ▬▬▬ ▬ ▬▬ ▬▬ ▬ ▬▬▬ ▬▬ ▬ ▬▬ ▬ ▬▬▬ ▬ ▬▬ ▬ ▬▬▬ ▬▬ ▬ ▬▬ ▬ ▬▬▬ ▬ ▬▬ ▬ ▬▬ ▬▬▬ ▬ ▬▬ ▬ ▬▬▬ ▬ ▬▬ ▬▬ ▬ ▬▬▬ ▬ ▬▬ ▬ ▬▬ ▬▬▬ ▬ ▬▬ ▬ ▬▬▬ ▬▬ ▬ ▬▬ ▬▬▬ ▬ ▬▬ ▬ ▬▬▬ ▬ ▬▬ ▬▬ ▬ ▬▬▬ ▬▬ ▬ ▬▬ ▬ ▬▬▬ ▬ ▬▬ ▬ ▬▬▬ ▬▬ ▬ ▬▬ ▬ ▬▬▬ ▬ ▬▬ ▬ ▬▬ ▬▬▬ ▬ ▬▬ ▬ ▬▬▬ ▬ ▬▬ ▬▬ ▬ ▬▬▬ ▬ ▬▬ ▬ ▬▬ ▬▬▬ ▬ ▬▬ ▬ ▬▬▬ ▬▬ ▬ ▬▬ ▬▬▬ ▬ ▬▬ ▬ ▬▬▬ ▬ ▬▬ ▬▬ ▬ ▬▬▬ ▬▬ ▬ ▬▬ ▬ ▬▬▬ ▬ ▬▬ ▬ ▬▬▬ ▬▬ ▬ ▬▬ ▬ ▬▬▬ ▬ ▬▬ ▬ ▬▬ ▬▬▬ ▬ ▬▬ ▬ ▬▬▬ ▬ ▬▬ ▬▬ ▬ ▬▬▬ ▬ ▬▬ ▬ ▬▬ ▬▬▬ ▬ ▬▬ ▬ ▬▬▬ ▬▬ ▬ ▬▬ ▬▬▬ ▬ ▬▬ ▬ ▬▬▬ ▬ ▬▬ ▬▬ ▬ ▬▬▬ ▬▬ ▬ ▬▬ ▬ ▬▬▬ ▬ ▬▬ ▬ ▬▬▬ ▬▬ ▬ ▬▬ ▬ ▬▬▬ ▬ ▬▬ ▬ ▬▬ ▬▬▬ ▬ ▬▬ ▬ ▬▬▬ ▬ ▬▬ ▬▬ ▬ ▬▬▬ ▬ ▬▬ ▬ ▬▬ ▬▬▬ ▬ ▬▬ ▬ ▬▬▬ ▬▬ ▬ ▬▬ ▬▬▬ ▬ ▬▬ ▬ ▬▬▬ ▬ ▬▬ ▬▬ ▬ ▬▬▬ ▬▬ ▬ ▬▬ ▬ ▬▬▬ ▬ ▬▬ ▬ ▬▬▬ ▬▬ ▬ ▬▬ ▬ ▬▬▬ ▬ ▬▬ ▬ ▬▬ ▬▬▬ ▬ ▬▬ ▬ ▬▬▬ ▬ ▬▬ ▬▬ ▬ ▬▬▬ ▬ ▬▬ ▬ ▬▬ ▬▬▬ ▬ ▬▬ ▬ ▬▬▬ ▬▬ ▬ ▬▬ ▬▬▬ ▬ ▬▬ ▬ ▬▬▬ ▬ ▬▬ ▬▬ ▬ ▬▬▬ ▬▬ ▬ ▬▬ ▬ ▬▬▬ ▬ ▬▬ ▬ ▬▬▬ ▬▬ ▬ ▬▬ ▬ ▬▬▬ ▬ ▬▬ ▬ ▬▬ ▬▬▬ ▬ ▬▬ ▬ ▬▬▬ ▬ ▬▬ ▬▬ ▬ ▬▬▬ ▬ ▬▬ ▬ ▬▬ ▬▬▬ ▬ ▬▬ ▬ ▬▬▬ ▬▬ ▬ ▬▬ ▬▬▬ ▬ ▬▬ ▬ ▬▬▬ ▬ ▬▬ ▬▬ ▬ ▬▬▬ ▬▬ ▬ ▬▬ ▬ ▬▬▬ ▬ ▬▬ ▬ ▬▬▬ ▬▬ ▬ ▬▬ ▬
استاندار خراسان شمالی:
عزت و قدرت ما برپایه ایمان و اطاعت از رهبری است
▬ ▬▬ ▬ ▬▬▬ ▬ ▬▬ ▬▬ ▬ ▬▬▬ ▬▬ ▬ ▬▬ ▬ ▬▬▬ ▬ ▬▬ ▬ ▬▬▬ ▬▬ ▬ ▬▬ ▬ ▬▬▬ ▬ ▬▬ ▬ ▬▬ ▬▬▬ ▬ ▬▬ ▬ ▬▬▬ ▬ ▬▬ ▬▬ ▬ ▬▬▬ ▬ ▬▬ ▬ ▬▬ ▬▬▬ ▬ ▬▬ ▬ ▬▬▬ ▬▬ ▬ ▬▬ ▬▬▬ ▬ ▬▬ ▬ ▬▬▬ ▬ ▬▬ ▬▬ ▬ ▬▬▬ ▬▬ ▬ ▬▬ ▬ ▬▬▬ ▬ ▬▬ ▬ ▬▬▬ ▬▬ ▬ ▬▬ ▬ ▬▬▬ ▬ ▬▬ ▬ ▬▬ ▬▬▬ ▬ ▬▬ ▬ ▬▬▬ ▬ ▬▬ ▬▬ ▬ ▬▬▬ ▬ ▬▬ ▬ ▬▬ ▬▬▬ ▬ ▬▬ ▬ ▬▬▬ ▬▬ ▬ ▬▬ ▬▬▬ ▬ ▬▬ ▬ ▬▬▬ ▬ ▬▬ ▬▬ ▬ ▬▬▬ ▬▬ ▬ ▬▬ ▬ ▬▬▬ ▬ ▬▬ ▬ ▬▬▬ ▬▬ ▬ ▬▬ ▬ ▬▬▬ ▬ ▬▬ ▬ ▬▬ ▬▬▬ ▬ ▬▬ ▬ ▬▬▬ ▬ ▬▬ ▬▬ ▬ ▬▬▬ ▬ ▬▬ ▬ ▬▬ ▬▬▬ ▬ ▬▬ ▬ ▬▬▬ ▬▬ ▬ ▬▬ ▬▬▬ ▬ ▬▬ ▬ ▬▬▬ ▬ ▬▬ ▬▬ ▬ ▬▬▬ ▬▬ ▬ ▬▬ ▬ ▬▬▬ ▬ ▬▬ ▬ ▬▬▬ ▬▬ ▬ ▬▬ ▬ ▬▬▬ ▬ ▬▬ ▬ ▬▬ ▬▬▬ ▬ ▬▬ ▬ ▬▬▬ ▬ ▬▬ ▬▬ ▬ ▬▬▬ ▬ ▬▬ ▬ ▬▬ ▬▬▬ ▬ ▬▬ ▬ ▬▬▬ ▬▬ ▬ ▬▬ ▬▬▬ ▬ ▬▬ ▬ ▬▬▬ ▬ ▬▬ ▬▬ ▬ ▬▬▬ ▬▬ ▬ ▬▬ ▬ ▬▬▬ ▬ ▬▬ ▬ ▬▬▬ ▬▬ ▬ ▬▬ ▬ ▬▬▬ ▬ ▬▬ ▬ ▬▬ ▬▬▬ ▬ ▬▬ ▬ ▬▬▬ ▬ ▬▬ ▬▬ ▬ ▬▬▬ ▬ ▬▬ ▬ ▬▬ ▬▬▬ ▬ ▬▬ ▬ ▬▬▬ ▬▬ ▬ ▬▬ ▬▬▬ ▬ ▬▬ ▬ ▬▬▬ ▬ ▬▬ ▬▬ ▬ ▬▬▬ ▬▬ ▬ ▬▬ ▬ ▬▬▬ ▬ ▬▬ ▬ ▬▬▬ ▬▬ ▬ ▬▬ ▬ ▬▬▬ ▬ ▬▬ ▬ ▬▬ ▬▬▬ ▬ ▬▬ ▬ ▬▬▬ ▬ ▬▬ ▬▬ ▬ ▬▬▬ ▬ ▬▬ ▬ ▬▬ ▬▬▬ ▬ ▬▬ ▬ ▬▬▬ ▬▬ ▬ ▬▬ ▬▬▬ ▬ ▬▬ ▬ ▬▬▬ ▬ ▬▬ ▬▬ ▬ ▬▬▬ ▬▬ ▬ ▬▬ ▬ ▬▬▬ ▬ ▬▬ ▬ ▬▬▬ ▬▬ ▬ ▬▬ ▬
استاندار خراسان شمالی:
قوچ اوریال، نماد زیست محیطی ایران کوچک
▬ ▬▬ ▬ ▬▬▬ ▬ ▬▬ ▬▬ ▬ ▬▬▬ ▬▬ ▬ ▬▬ ▬ ▬▬▬ ▬ ▬▬ ▬ ▬▬▬ ▬▬ ▬ ▬▬ ▬ ▬▬▬ ▬ ▬▬ ▬ ▬▬ ▬▬▬ ▬ ▬▬ ▬ ▬▬▬ ▬ ▬▬ ▬▬ ▬ ▬▬▬ ▬ ▬▬ ▬ ▬▬ ▬▬▬ ▬ ▬▬ ▬ ▬▬▬ ▬▬ ▬ ▬▬ ▬▬▬ ▬ ▬▬ ▬ ▬▬▬ ▬ ▬▬ ▬▬ ▬ ▬▬▬ ▬▬ ▬ ▬▬ ▬ ▬▬▬ ▬ ▬▬ ▬ ▬▬▬ ▬▬ ▬ ▬▬ ▬ ▬▬▬ ▬ ▬▬ ▬ ▬▬ ▬▬▬ ▬ ▬▬ ▬ ▬▬▬ ▬ ▬▬ ▬▬ ▬ ▬▬▬ ▬ ▬▬ ▬ ▬▬ ▬▬▬ ▬ ▬▬ ▬ ▬▬▬ ▬▬ ▬ ▬▬ ▬▬▬ ▬ ▬▬ ▬ ▬▬▬ ▬ ▬▬ ▬▬ ▬ ▬▬▬ ▬▬ ▬ ▬▬ ▬ ▬▬▬ ▬ ▬▬ ▬ ▬▬▬ ▬▬ ▬ ▬▬ ▬ ▬▬▬ ▬ ▬▬ ▬ ▬▬ ▬▬▬ ▬ ▬▬ ▬ ▬▬▬ ▬ ▬▬ ▬▬ ▬ ▬▬▬ ▬ ▬▬ ▬ ▬▬ ▬▬▬ ▬ ▬▬ ▬ ▬▬▬ ▬▬ ▬ ▬▬ ▬▬▬ ▬ ▬▬ ▬ ▬▬▬ ▬ ▬▬ ▬▬ ▬ ▬▬▬ ▬▬ ▬ ▬▬ ▬ ▬▬▬ ▬ ▬▬ ▬ ▬▬▬ ▬▬ ▬ ▬▬ ▬ ▬▬▬ ▬ ▬▬ ▬ ▬▬ ▬▬▬ ▬ ▬▬ ▬ ▬▬▬ ▬ ▬▬ ▬▬ ▬ ▬▬▬ ▬ ▬▬ ▬ ▬▬ ▬▬▬ ▬ ▬▬ ▬ ▬▬▬ ▬▬ ▬ ▬▬ ▬▬▬ ▬ ▬▬ ▬ ▬▬▬ ▬ ▬▬ ▬▬ ▬ ▬▬▬ ▬▬ ▬ ▬▬ ▬ ▬▬▬ ▬ ▬▬ ▬ ▬▬▬ ▬▬ ▬ ▬▬ ▬ ▬▬▬ ▬ ▬▬ ▬ ▬▬ ▬▬▬ ▬ ▬▬ ▬ ▬▬▬ ▬ ▬▬ ▬▬ ▬ ▬▬▬ ▬ ▬▬ ▬ ▬▬ ▬▬▬ ▬ ▬▬ ▬ ▬▬▬ ▬▬ ▬ ▬▬ ▬▬▬ ▬ ▬▬ ▬ ▬▬▬ ▬ ▬▬ ▬▬ ▬ ▬▬▬ ▬▬ ▬ ▬▬ ▬ ▬▬▬ ▬ ▬▬ ▬ ▬▬▬ ▬▬ ▬ ▬▬ ▬ ▬▬▬ ▬ ▬▬ ▬ ▬▬ ▬▬▬ ▬ ▬▬ ▬ ▬▬▬ ▬ ▬▬ ▬▬ ▬ ▬▬▬ ▬ ▬▬ ▬ ▬▬ ▬▬▬ ▬ ▬▬ ▬ ▬▬▬ ▬▬ ▬ ▬▬ ▬▬▬ ▬ ▬▬ ▬ ▬▬▬ ▬ ▬▬ ▬▬ ▬ ▬▬▬ ▬▬ ▬ ▬▬ ▬ ▬▬▬ ▬ ▬▬ ▬ ▬▬▬ ▬▬ ▬ ▬▬ ▬
قوچ اوریال، نماد زیست‌محیطی خراسان شمالی
▬ ▬▬ ▬ ▬▬▬ ▬ ▬▬ ▬▬ ▬ ▬▬▬ ▬▬ ▬ ▬▬ ▬ ▬▬▬ ▬ ▬▬ ▬ ▬▬▬ ▬▬ ▬ ▬▬ ▬ ▬▬▬ ▬ ▬▬ ▬ ▬▬ ▬▬▬ ▬ ▬▬ ▬ ▬▬▬ ▬ ▬▬ ▬▬ ▬ ▬▬▬ ▬ ▬▬ ▬ ▬▬ ▬▬▬ ▬ ▬▬ ▬ ▬▬▬ ▬▬ ▬ ▬▬ ▬▬▬ ▬ ▬▬ ▬ ▬▬▬ ▬ ▬▬ ▬▬ ▬ ▬▬▬ ▬▬ ▬ ▬▬ ▬ ▬▬▬ ▬ ▬▬ ▬ ▬▬▬ ▬▬ ▬ ▬▬ ▬ ▬▬▬ ▬ ▬▬ ▬ ▬▬ ▬▬▬ ▬ ▬▬ ▬ ▬▬▬ ▬ ▬▬ ▬▬ ▬ ▬▬▬ ▬ ▬▬ ▬ ▬▬ ▬▬▬ ▬ ▬▬ ▬ ▬▬▬ ▬▬ ▬ ▬▬ ▬▬▬ ▬ ▬▬ ▬ ▬▬▬ ▬ ▬▬ ▬▬ ▬ ▬▬▬ ▬▬ ▬ ▬▬ ▬ ▬▬▬ ▬ ▬▬ ▬ ▬▬▬ ▬▬ ▬ ▬▬ ▬ ▬▬▬ ▬ ▬▬ ▬ ▬▬ ▬▬▬ ▬ ▬▬ ▬ ▬▬▬ ▬ ▬▬ ▬▬ ▬ ▬▬▬ ▬ ▬▬ ▬ ▬▬ ▬▬▬ ▬ ▬▬ ▬ ▬▬▬ ▬▬ ▬ ▬▬ ▬▬▬ ▬ ▬▬ ▬ ▬▬▬ ▬ ▬▬ ▬▬ ▬ ▬▬▬ ▬▬ ▬ ▬▬ ▬ ▬▬▬ ▬ ▬▬ ▬ ▬▬▬ ▬▬ ▬ ▬▬ ▬ ▬▬▬ ▬ ▬▬ ▬ ▬▬ ▬▬▬ ▬ ▬▬ ▬ ▬▬▬ ▬ ▬▬ ▬▬ ▬ ▬▬▬ ▬ ▬▬ ▬ ▬▬ ▬▬▬ ▬ ▬▬ ▬ ▬▬▬ ▬▬ ▬ ▬▬ ▬▬▬ ▬ ▬▬ ▬ ▬▬▬ ▬ ▬▬ ▬▬ ▬ ▬▬▬ ▬▬ ▬ ▬▬ ▬ ▬▬▬ ▬ ▬▬ ▬ ▬▬▬ ▬▬ ▬ ▬▬ ▬ ▬▬▬ ▬ ▬▬ ▬ ▬▬ ▬▬▬ ▬ ▬▬ ▬ ▬▬▬ ▬ ▬▬ ▬▬ ▬ ▬▬▬ ▬ ▬▬ ▬ ▬▬ ▬▬▬ ▬ ▬▬ ▬ ▬▬▬ ▬▬ ▬ ▬▬ ▬▬▬ ▬ ▬▬ ▬ ▬▬▬ ▬ ▬▬ ▬▬ ▬ ▬▬▬ ▬▬ ▬ ▬▬ ▬ ▬▬▬ ▬ ▬▬ ▬ ▬▬▬ ▬▬ ▬ ▬▬ ▬ ▬▬▬ ▬ ▬▬ ▬ ▬▬ ▬▬▬ ▬ ▬▬ ▬ ▬▬▬ ▬ ▬▬ ▬▬ ▬ ▬▬▬ ▬ ▬▬ ▬ ▬▬ ▬▬▬ ▬ ▬▬ ▬ ▬▬▬ ▬▬ ▬ ▬▬ ▬▬▬ ▬ ▬▬ ▬ ▬▬▬ ▬ ▬▬ ▬▬ ▬ ▬▬▬ ▬▬ ▬ ▬▬ ▬ ▬▬▬ ▬ ▬▬ ▬ ▬▬▬ ▬▬ ▬ ▬▬ ▬
گونه‌ای در معرض خطر
▬ ▬▬ ▬ ▬▬▬ ▬ ▬▬ ▬▬ ▬ ▬▬▬ ▬▬ ▬ ▬▬ ▬ ▬▬▬ ▬ ▬▬ ▬ ▬▬▬ ▬▬ ▬ ▬▬ ▬ ▬▬▬ ▬ ▬▬ ▬ ▬▬ ▬▬▬ ▬ ▬▬ ▬ ▬▬▬ ▬ ▬▬ ▬▬ ▬ ▬▬▬ ▬ ▬▬ ▬ ▬▬ ▬▬▬ ▬ ▬▬ ▬ ▬▬▬ ▬▬ ▬ ▬▬ ▬▬▬ ▬ ▬▬ ▬ ▬▬▬ ▬ ▬▬ ▬▬ ▬ ▬▬▬ ▬▬ ▬ ▬▬ ▬ ▬▬▬ ▬ ▬▬ ▬ ▬▬▬ ▬▬ ▬ ▬▬ ▬ ▬▬▬ ▬ ▬▬ ▬ ▬▬ ▬▬▬ ▬ ▬▬ ▬ ▬▬▬ ▬ ▬▬ ▬▬ ▬ ▬▬▬ ▬ ▬▬ ▬ ▬▬ ▬▬▬ ▬ ▬▬ ▬ ▬▬▬ ▬▬ ▬ ▬▬ ▬▬▬ ▬ ▬▬ ▬ ▬▬▬ ▬ ▬▬ ▬▬ ▬ ▬▬▬ ▬▬ ▬ ▬▬ ▬ ▬▬▬ ▬ ▬▬ ▬ ▬▬▬ ▬▬ ▬ ▬▬ ▬ ▬▬▬ ▬ ▬▬ ▬ ▬▬ ▬▬▬ ▬ ▬▬ ▬ ▬▬▬ ▬ ▬▬ ▬▬ ▬ ▬▬▬ ▬ ▬▬ ▬ ▬▬ ▬▬▬ ▬ ▬▬ ▬ ▬▬▬ ▬▬ ▬ ▬▬ ▬▬▬ ▬ ▬▬ ▬ ▬▬▬ ▬ ▬▬ ▬▬ ▬ ▬▬▬ ▬▬ ▬ ▬▬ ▬ ▬▬▬ ▬ ▬▬ ▬ ▬▬▬ ▬▬ ▬ ▬▬ ▬ ▬▬▬ ▬ ▬▬ ▬ ▬▬ ▬▬▬ ▬ ▬▬ ▬ ▬▬▬ ▬ ▬▬ ▬▬ ▬ ▬▬▬ ▬ ▬▬ ▬ ▬▬ ▬▬▬ ▬ ▬▬ ▬ ▬▬▬ ▬▬ ▬ ▬▬ ▬▬▬ ▬ ▬▬ ▬ ▬▬▬ ▬ ▬▬ ▬▬ ▬ ▬▬▬ ▬▬ ▬ ▬▬ ▬ ▬▬▬ ▬ ▬▬ ▬ ▬▬▬ ▬▬ ▬ ▬▬ ▬ ▬▬▬ ▬ ▬▬ ▬ ▬▬ ▬▬▬ ▬ ▬▬ ▬ ▬▬▬ ▬ ▬▬ ▬▬ ▬ ▬▬▬ ▬ ▬▬ ▬ ▬▬ ▬▬▬ ▬ ▬▬ ▬ ▬▬▬ ▬▬ ▬ ▬▬ ▬▬▬ ▬ ▬▬ ▬ ▬▬▬ ▬ ▬▬ ▬▬ ▬ ▬▬▬ ▬▬ ▬ ▬▬ ▬ ▬▬▬ ▬ ▬▬ ▬ ▬▬▬ ▬▬ ▬ ▬▬ ▬ ▬▬▬ ▬ ▬▬ ▬ ▬▬ ▬▬▬ ▬ ▬▬ ▬ ▬▬▬ ▬ ▬▬ ▬▬ ▬ ▬▬▬ ▬ ▬▬ ▬ ▬▬ ▬▬▬ ▬ ▬▬ ▬ ▬▬▬ ▬▬ ▬ ▬▬ ▬▬▬ ▬ ▬▬ ▬ ▬▬▬ ▬ ▬▬ ▬▬ ▬ ▬▬▬ ▬▬ ▬ ▬▬ ▬ ▬▬▬ ▬ ▬▬ ▬ ▬▬▬ ▬▬ ▬ ▬▬ ▬
آگهی فقدان سند مالکیت
▬ ▬▬ ▬ ▬▬▬ ▬ ▬▬ ▬▬ ▬ ▬▬▬ ▬▬ ▬ ▬▬ ▬ ▬▬▬ ▬ ▬▬ ▬ ▬▬▬ ▬▬ ▬ ▬▬ ▬ ▬▬▬ ▬ ▬▬ ▬ ▬▬ ▬▬▬ ▬ ▬▬ ▬ ▬▬▬ ▬ ▬▬ ▬▬ ▬ ▬▬▬ ▬ ▬▬ ▬ ▬▬ ▬▬▬ ▬ ▬▬ ▬ ▬▬▬ ▬▬ ▬ ▬▬ ▬▬▬ ▬ ▬▬ ▬ ▬▬▬ ▬ ▬▬ ▬▬ ▬ ▬▬▬ ▬▬ ▬ ▬▬ ▬ ▬▬▬ ▬ ▬▬ ▬ ▬▬▬ ▬▬ ▬ ▬▬ ▬ ▬▬▬ ▬ ▬▬ ▬ ▬▬ ▬▬▬ ▬ ▬▬ ▬ ▬▬▬ ▬ ▬▬ ▬▬ ▬ ▬▬▬ ▬ ▬▬ ▬ ▬▬ ▬▬▬ ▬ ▬▬ ▬ ▬▬▬ ▬▬ ▬ ▬▬ ▬▬▬ ▬ ▬▬ ▬ ▬▬▬ ▬ ▬▬ ▬▬ ▬ ▬▬▬ ▬▬ ▬ ▬▬ ▬ ▬▬▬ ▬ ▬▬ ▬ ▬▬▬ ▬▬ ▬ ▬▬ ▬ ▬▬▬ ▬ ▬▬ ▬ ▬▬ ▬▬▬ ▬ ▬▬ ▬ ▬▬▬ ▬ ▬▬ ▬▬ ▬ ▬▬▬ ▬ ▬▬ ▬ ▬▬ ▬▬▬ ▬ ▬▬ ▬ ▬▬▬ ▬▬ ▬ ▬▬ ▬▬▬ ▬ ▬▬ ▬ ▬▬▬ ▬ ▬▬ ▬▬ ▬ ▬▬▬ ▬▬ ▬ ▬▬ ▬ ▬▬▬ ▬ ▬▬ ▬ ▬▬▬ ▬▬ ▬ ▬▬ ▬ ▬▬▬ ▬ ▬▬ ▬ ▬▬ ▬▬▬ ▬ ▬▬ ▬ ▬▬▬ ▬ ▬▬ ▬▬ ▬ ▬▬▬ ▬ ▬▬ ▬ ▬▬ ▬▬▬ ▬ ▬▬ ▬ ▬▬▬ ▬▬ ▬ ▬▬ ▬▬▬ ▬ ▬▬ ▬ ▬▬▬ ▬ ▬▬ ▬▬ ▬ ▬▬▬ ▬▬ ▬ ▬▬ ▬ ▬▬▬ ▬ ▬▬ ▬ ▬▬▬ ▬▬ ▬ ▬▬ ▬ ▬▬▬ ▬ ▬▬ ▬ ▬▬ ▬▬▬ ▬ ▬▬ ▬ ▬▬▬ ▬ ▬▬ ▬▬ ▬ ▬▬▬ ▬ ▬▬ ▬ ▬▬ ▬▬▬ ▬ ▬▬ ▬ ▬▬▬ ▬▬ ▬ ▬▬ ▬▬▬ ▬ ▬▬ ▬ ▬▬▬ ▬ ▬▬ ▬▬ ▬ ▬▬▬ ▬▬ ▬ ▬▬ ▬ ▬▬▬ ▬ ▬▬ ▬ ▬▬▬ ▬▬ ▬ ▬▬ ▬ ▬▬▬ ▬ ▬▬ ▬ ▬▬ ▬▬▬ ▬ ▬▬ ▬ ▬▬▬ ▬ ▬▬ ▬▬ ▬ ▬▬▬ ▬ ▬▬ ▬ ▬▬ ▬▬▬ ▬ ▬▬ ▬ ▬▬▬ ▬▬ ▬ ▬▬ ▬▬▬ ▬ ▬▬ ▬ ▬▬▬ ▬ ▬▬ ▬▬ ▬ ▬▬▬ ▬▬ ▬ ▬▬ ▬ ▬▬▬ ▬ ▬▬ ▬ ▬▬▬ ▬▬ ▬ ▬▬ ▬
اداره ثبت اسناد و املاک
مدیر واحد ثبتی حوزه ثبت ملک شیروان
م الف ۴۰۱
اصلاحیه آگهی شهرداری
▬ ▬▬ ▬ ▬▬▬ ▬ ▬▬ ▬▬ ▬ ▬▬▬ ▬▬ ▬ ▬▬ ▬ ▬▬▬ ▬ ▬▬ ▬ ▬▬▬ ▬▬ ▬ ▬▬ ▬ ▬▬▬ ▬ ▬▬ ▬ ▬▬ ▬▬▬ ▬ ▬▬ ▬ ▬▬▬ ▬ ▬▬ ▬▬ ▬ ▬▬▬ ▬ ▬▬ ▬ ▬▬ ▬▬▬ ▬ ▬▬ ▬ ▬▬▬ ▬▬ ▬ ▬▬ ▬▬▬ ▬ ▬▬ ▬ ▬▬▬ ▬ ▬▬ ▬▬ ▬ ▬▬▬ ▬▬ ▬ ▬▬ ▬ ▬▬▬ ▬ ▬▬ ▬ ▬▬▬ ▬▬ ▬ ▬▬ ▬ ▬▬▬ ▬ ▬▬ ▬ ▬▬ ▬▬▬ ▬ ▬▬ ▬ ▬▬▬ ▬ ▬▬ ▬▬ ▬ ▬▬▬ ▬ ▬▬ ▬ ▬▬ ▬▬▬ ▬ ▬▬ ▬ ▬▬▬ ▬▬ ▬ ▬▬ ▬▬▬ ▬ ▬▬ ▬ ▬▬▬ ▬ ▬▬ ▬▬ ▬ ▬▬▬ ▬▬ ▬ ▬▬ ▬ ▬▬▬ ▬ ▬▬ ▬ ▬▬▬ ▬▬ ▬ ▬▬ ▬ ▬▬▬ ▬ ▬▬ ▬ ▬▬ ▬▬▬ ▬ ▬▬ ▬ ▬▬▬ ▬ ▬▬ ▬▬ ▬ ▬▬▬ ▬ ▬▬ ▬ ▬▬ ▬▬▬ ▬ ▬▬ ▬ ▬▬▬ ▬▬ ▬ ▬▬ ▬▬▬ ▬ ▬▬ ▬ ▬▬▬ ▬ ▬▬ ▬▬ ▬ ▬▬▬ ▬▬ ▬ ▬▬ ▬ ▬▬▬ ▬ ▬▬ ▬ ▬▬▬ ▬▬ ▬ ▬▬ ▬ ▬▬▬ ▬ ▬▬ ▬ ▬▬ ▬▬▬ ▬ ▬▬ ▬ ▬▬▬ ▬ ▬▬ ▬▬ ▬ ▬▬▬ ▬ ▬▬ ▬ ▬▬ ▬▬▬ ▬ ▬▬ ▬ ▬▬▬ ▬▬ ▬ ▬▬ ▬▬▬ ▬ ▬▬ ▬ ▬▬▬ ▬ ▬▬ ▬▬ ▬ ▬▬▬ ▬▬ ▬ ▬▬ ▬ ▬▬▬ ▬ ▬▬ ▬ ▬▬▬ ▬▬ ▬ ▬▬ ▬ ▬▬▬ ▬ ▬▬ ▬ ▬▬ ▬▬▬ ▬ ▬▬ ▬ ▬▬▬ ▬ ▬▬ ▬▬ ▬ ▬▬▬ ▬ ▬▬ ▬ ▬▬ ▬▬▬ ▬ ▬▬ ▬ ▬▬▬ ▬▬ ▬ ▬▬ ▬▬▬ ▬ ▬▬ ▬ ▬▬▬ ▬ ▬▬ ▬▬ ▬ ▬▬▬ ▬▬ ▬ ▬▬ ▬ ▬▬▬ ▬ ▬▬ ▬ ▬▬▬ ▬▬ ▬ ▬▬ ▬ ▬▬▬ ▬ ▬▬ ▬ ▬▬ ▬▬▬ ▬ ▬▬ ▬ ▬▬▬ ▬ ▬▬ ▬▬ ▬ ▬▬▬ ▬ ▬▬ ▬ ▬▬ ▬▬▬ ▬ ▬▬ ▬ ▬▬▬ ▬▬ ▬ ▬▬ ▬▬▬ ▬ ▬▬ ▬ ▬▬▬ ▬ ▬▬ ▬▬ ▬ ▬▬▬ ▬▬ ▬ ▬▬ ▬ ▬▬▬ ▬ ▬▬ ▬ ▬▬▬ ▬▬ ▬ ▬▬ ▬
مفقودی
▬ ▬▬ ▬ ▬▬▬ ▬ ▬▬ ▬▬ ▬ ▬▬▬ ▬▬ ▬ ▬▬ ▬ ▬▬▬ ▬ ▬▬ ▬ ▬▬▬ ▬▬ ▬ ▬▬ ▬ ▬▬▬ ▬ ▬▬ ▬ ▬▬ ▬▬▬ ▬ ▬▬ ▬ ▬▬▬ ▬ ▬▬ ▬▬ ▬ ▬▬▬ ▬ ▬▬ ▬ ▬▬ ▬▬▬ ▬ ▬▬ ▬ ▬▬▬ ▬▬ ▬ ▬▬ ▬▬▬ ▬ ▬▬ ▬ ▬▬▬ ▬ ▬▬ ▬▬ ▬ ▬▬▬ ▬▬ ▬ ▬▬ ▬ ▬▬▬ ▬ ▬▬ ▬ ▬▬▬ ▬▬ ▬ ▬▬ ▬ ▬▬▬ ▬ ▬▬ ▬ ▬▬ ▬▬▬ ▬ ▬▬ ▬ ▬▬▬ ▬ ▬▬ ▬▬ ▬ ▬▬▬ ▬ ▬▬ ▬ ▬▬ ▬▬▬ ▬ ▬▬ ▬ ▬▬▬ ▬▬ ▬ ▬▬ ▬▬▬ ▬ ▬▬ ▬ ▬▬▬ ▬ ▬▬ ▬▬ ▬ ▬▬▬ ▬▬ ▬ ▬▬ ▬ ▬▬▬ ▬ ▬▬ ▬ ▬▬▬ ▬▬ ▬ ▬▬ ▬ ▬▬▬ ▬ ▬▬ ▬ ▬▬ ▬▬▬ ▬ ▬▬ ▬ ▬▬▬ ▬ ▬▬ ▬▬ ▬ ▬▬▬ ▬ ▬▬ ▬ ▬▬ ▬▬▬ ▬ ▬▬ ▬ ▬▬▬ ▬▬ ▬ ▬▬ ▬▬▬ ▬ ▬▬ ▬ ▬▬▬ ▬ ▬▬ ▬▬ ▬ ▬▬▬ ▬▬ ▬ ▬▬ ▬ ▬▬▬ ▬ ▬▬ ▬ ▬▬▬ ▬▬ ▬ ▬▬ ▬ ▬▬▬ ▬ ▬▬ ▬ ▬▬ ▬▬▬ ▬ ▬▬ ▬ ▬▬▬ ▬ ▬▬ ▬▬ ▬ ▬▬▬ ▬ ▬▬ ▬ ▬▬ ▬▬▬ ▬ ▬▬ ▬ ▬▬▬ ▬▬ ▬ ▬▬ ▬▬▬ ▬ ▬▬ ▬ ▬▬▬ ▬ ▬▬ ▬▬ ▬ ▬▬▬ ▬▬ ▬ ▬▬ ▬ ▬▬▬ ▬ ▬▬ ▬ ▬▬▬ ▬▬ ▬ ▬▬ ▬ ▬▬▬ ▬ ▬▬ ▬ ▬▬ ▬▬▬ ▬ ▬▬ ▬ ▬▬▬ ▬ ▬▬ ▬▬ ▬ ▬▬▬ ▬ ▬▬ ▬ ▬▬ ▬▬▬ ▬ ▬▬ ▬ ▬▬▬ ▬▬ ▬ ▬▬ ▬▬▬ ▬ ▬▬ ▬ ▬▬▬ ▬ ▬▬ ▬▬ ▬ ▬▬▬ ▬▬ ▬ ▬▬ ▬ ▬▬▬ ▬ ▬▬ ▬ ▬▬▬ ▬▬ ▬ ▬▬ ▬ ▬▬▬ ▬ ▬▬ ▬ ▬▬ ▬▬▬ ▬ ▬▬ ▬ ▬▬▬ ▬ ▬▬ ▬▬ ▬ ▬▬▬ ▬ ▬▬ ▬ ▬▬ ▬▬▬ ▬ ▬▬ ▬ ▬▬▬ ▬▬ ▬ ▬▬ ▬▬▬ ▬ ▬▬ ▬ ▬▬▬ ▬ ▬▬ ▬▬ ▬ ▬▬▬ ▬▬ ▬ ▬▬ ▬ ▬▬▬ ▬ ▬▬ ▬ ▬▬▬ ▬▬ ▬ ▬▬ ▬
مفقودی
▬ ▬▬ ▬ ▬▬▬ ▬ ▬▬ ▬▬ ▬ ▬▬▬ ▬▬ ▬ ▬▬ ▬ ▬▬▬ ▬ ▬▬ ▬ ▬▬▬ ▬▬ ▬ ▬▬ ▬ ▬▬▬ ▬ ▬▬ ▬ ▬▬ ▬▬▬ ▬ ▬▬ ▬ ▬▬▬ ▬ ▬▬ ▬▬ ▬ ▬▬▬ ▬ ▬▬ ▬ ▬▬ ▬▬▬ ▬ ▬▬ ▬ ▬▬▬ ▬▬ ▬ ▬▬ ▬▬▬ ▬ ▬▬ ▬ ▬▬▬ ▬ ▬▬ ▬▬ ▬ ▬▬▬ ▬▬ ▬ ▬▬ ▬ ▬▬▬ ▬ ▬▬ ▬ ▬▬▬ ▬▬ ▬ ▬▬ ▬ ▬▬▬ ▬ ▬▬ ▬ ▬▬ ▬▬▬ ▬ ▬▬ ▬ ▬▬▬ ▬ ▬▬ ▬▬ ▬ ▬▬▬ ▬ ▬▬ ▬ ▬▬ ▬▬▬ ▬ ▬▬ ▬ ▬▬▬ ▬▬ ▬ ▬▬ ▬▬▬ ▬ ▬▬ ▬ ▬▬▬ ▬ ▬▬ ▬▬ ▬ ▬▬▬ ▬▬ ▬ ▬▬ ▬ ▬▬▬ ▬ ▬▬ ▬ ▬▬▬ ▬▬ ▬ ▬▬ ▬ ▬▬▬ ▬ ▬▬ ▬ ▬▬ ▬▬▬ ▬ ▬▬ ▬ ▬▬▬ ▬ ▬▬ ▬▬ ▬ ▬▬▬ ▬ ▬▬ ▬ ▬▬ ▬▬▬ ▬ ▬▬ ▬ ▬▬▬ ▬▬ ▬ ▬▬ ▬▬▬ ▬ ▬▬ ▬ ▬▬▬ ▬ ▬▬ ▬▬ ▬ ▬▬▬ ▬▬ ▬ ▬▬ ▬ ▬▬▬ ▬ ▬▬ ▬ ▬▬▬ ▬▬ ▬ ▬▬ ▬ ▬▬▬ ▬ ▬▬ ▬ ▬▬ ▬▬▬ ▬ ▬▬ ▬ ▬▬▬ ▬ ▬▬ ▬▬ ▬ ▬▬▬ ▬ ▬▬ ▬ ▬▬ ▬▬▬ ▬ ▬▬ ▬ ▬▬▬ ▬▬ ▬ ▬▬ ▬▬▬ ▬ ▬▬ ▬ ▬▬▬ ▬ ▬▬ ▬▬ ▬ ▬▬▬ ▬▬ ▬ ▬▬ ▬ ▬▬▬ ▬ ▬▬ ▬ ▬▬▬ ▬▬ ▬ ▬▬ ▬ ▬▬▬ ▬ ▬▬ ▬ ▬▬ ▬▬▬ ▬ ▬▬ ▬ ▬▬▬ ▬ ▬▬ ▬▬ ▬ ▬▬▬ ▬ ▬▬ ▬ ▬▬ ▬▬▬ ▬ ▬▬ ▬ ▬▬▬ ▬▬ ▬ ▬▬ ▬▬▬ ▬ ▬▬ ▬ ▬▬▬ ▬ ▬▬ ▬▬ ▬ ▬▬▬ ▬▬ ▬ ▬▬ ▬ ▬▬▬ ▬ ▬▬ ▬ ▬▬▬ ▬▬ ▬ ▬▬ ▬ ▬▬▬ ▬ ▬▬ ▬ ▬▬ ▬▬▬ ▬ ▬▬ ▬ ▬▬▬ ▬ ▬▬ ▬▬ ▬ ▬▬▬ ▬ ▬▬ ▬ ▬▬ ▬▬▬ ▬ ▬▬ ▬ ▬▬▬ ▬▬ ▬ ▬▬ ▬▬▬ ▬ ▬▬ ▬ ▬▬▬ ▬ ▬▬ ▬▬ ▬ ▬▬▬ ▬▬ ▬ ▬▬ ▬ ▬▬▬ ▬ ▬▬ ▬ ▬▬▬ ▬▬ ▬ ▬▬ ▬
